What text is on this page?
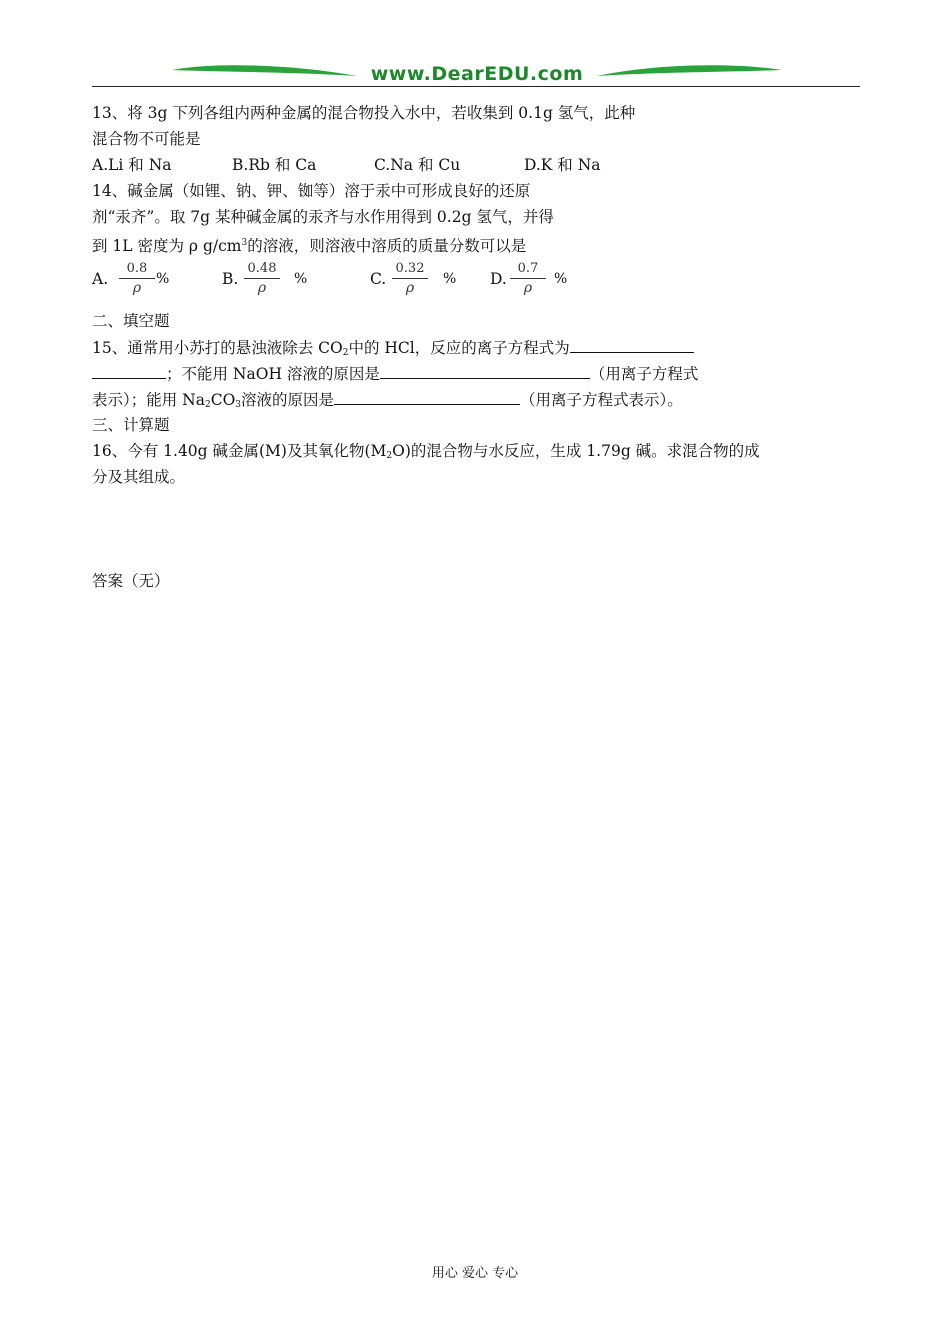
www.DearEDU.com
13、将 3g 下列各组内两种金属的混合物投入水中，若收集到 0.1g 氢气，此种
混合物不可能是
A.Li 和 Na	B.Rb 和 Ca	C.Na 和 Cu	D.K 和 Na
14、碱金属（如锂、钠、钾、铷等）溶于汞中可形成良好的还原
剂“汞齐”。取 7g 某种碱金属的汞齐与水作用得到 0.2g 氢气，并得
到 1L 密度为 ρ $g/cm^3$的溶液，则溶液中溶质的质量分数可以是
A.
0.8
ρ
%	B.
0.48
ρ
%	C.
0.32
ρ
% D.
0.7
ρ
%
二、填空题
15、通常用小苏打的悬浊液除去 $CO_2$中的 HCl，反应的离子方程式为
；不能用 NaOH 溶液的原因是	（用离子方程式
表示）；能用 $Na_2CO_3$溶液的原因是	（用离子方程式表示）。
三、计算题
16、今有 1.40g 碱金属(M)及其氧化物$(M_2O)$的混合物与水反应，生成 1.79g 碱。求混合物的成
分及其组成。
答案（无）
用心 爱心 专心
